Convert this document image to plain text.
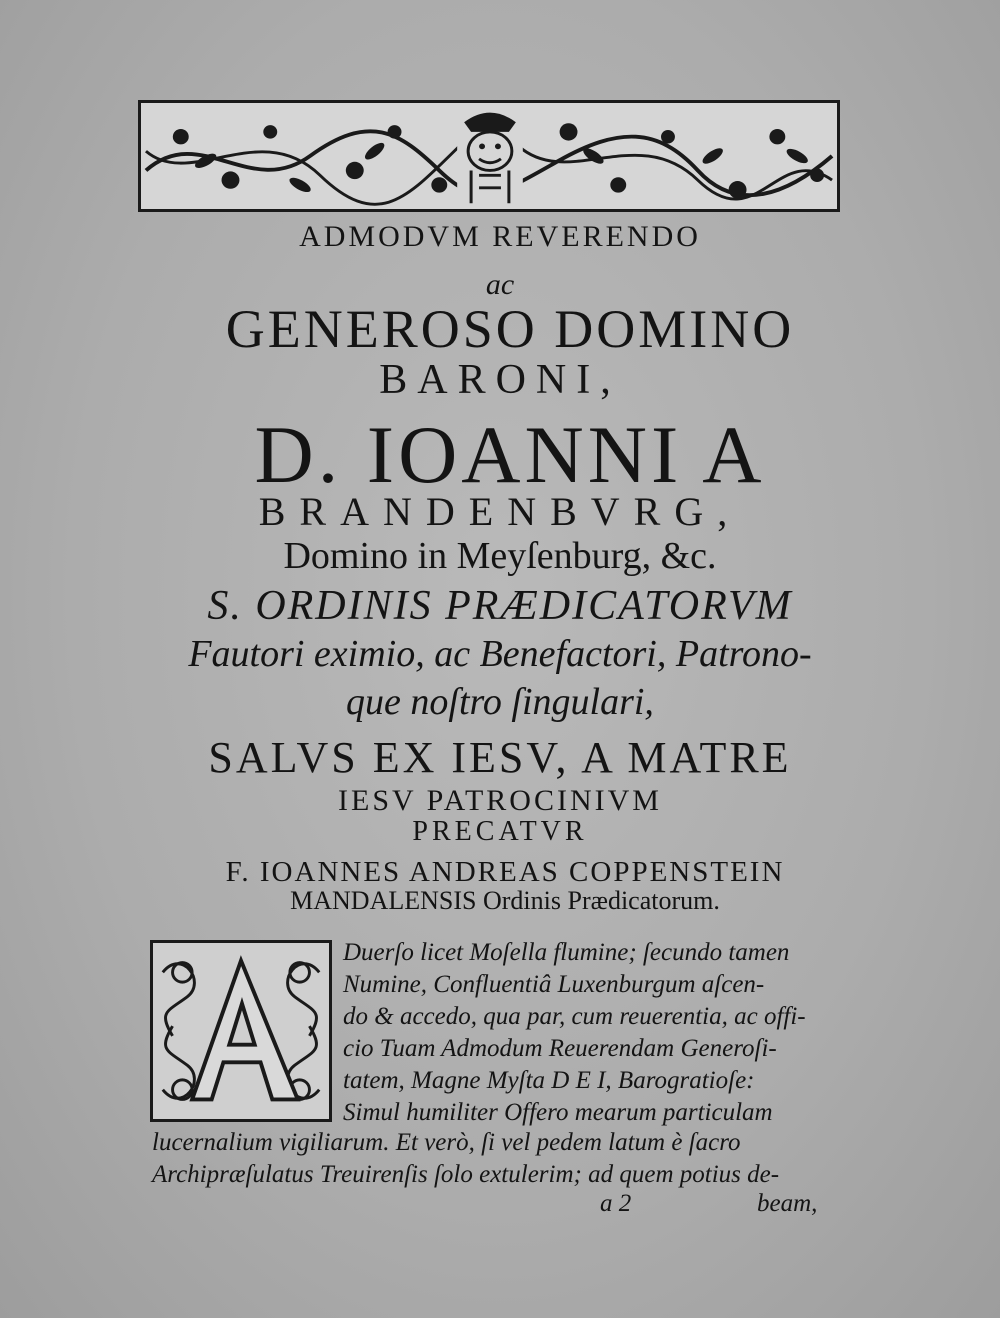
ADMODVM REVERENDO
ac
GENEROSO DOMINO
BARONI,
D. IOANNI A
BRANDENBVRG,
Domino in Meyſenburg, &c.
S. ORDINIS PRÆDICATORVM
Fautori eximio, ac Benefactori, Patrono-
que noſtro ſingulari,
SALVS EX IESV, A MATRE
IESV PATROCINIVM
PRECATVR
F. IOANNES ANDREAS COPPENSTEIN
MANDALENSIS Ordinis Prædicatorum.
Duerſo licet Moſella flumine; ſecundo tamen
Numine, Confluentiâ Luxenburgum aſcen-
do & accedo, qua par, cum reuerentia, ac offi-
cio Tuam Admodum Reuerendam Generoſi-
tatem, Magne Myſta D E I, Barogratioſe:
Simul humiliter Offero mearum particulam
lucernalium vigiliarum. Et verò, ſi vel pedem latum è ſacro
Archipræſulatus Treuirenſis ſolo extulerim; ad quem potius de-
a 2	beam,
